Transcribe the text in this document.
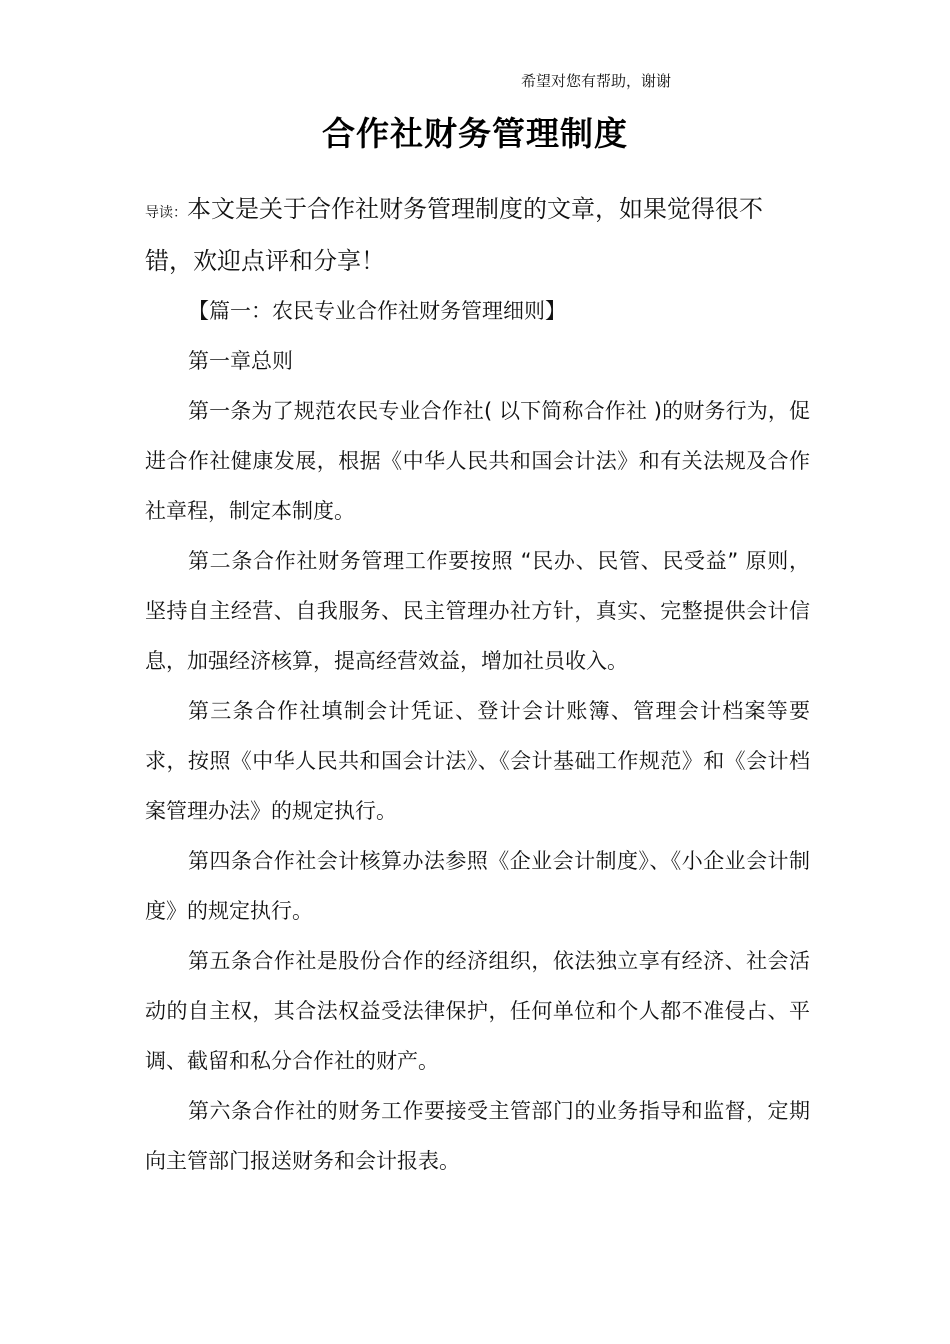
希望对您有帮助，谢谢
合作社财务管理制度

导读：本文是关于合作社财务管理制度的文章，如果觉得很不错，欢迎点评和分享！

【篇一：农民专业合作社财务管理细则】

第一章总则

第一条为了规范农民专业合作社( 以下简称合作社 )的财务行为，促进合作社健康发展，根据《中华人民共和国会计法》和有关法规及合作社章程，制定本制度。

第二条合作社财务管理工作要按照 “民办、民管、民受益” 原则，坚持自主经营、自我服务、民主管理办社方针，真实、完整提供会计信息，加强经济核算，提高经营效益，增加社员收入。

第三条合作社填制会计凭证、登计会计账簿、管理会计档案等要求，按照《中华人民共和国会计法》、《会计基础工作规范》和《会计档案管理办法》的规定执行。

第四条合作社会计核算办法参照《企业会计制度》、《小企业会计制度》的规定执行。

第五条合作社是股份合作的经济组织，依法独立享有经济、社会活动的自主权，其合法权益受法律保护，任何单位和个人都不准侵占、平调、截留和私分合作社的财产。

第六条合作社的财务工作要接受主管部门的业务指导和监督，定期向主管部门报送财务和会计报表。
